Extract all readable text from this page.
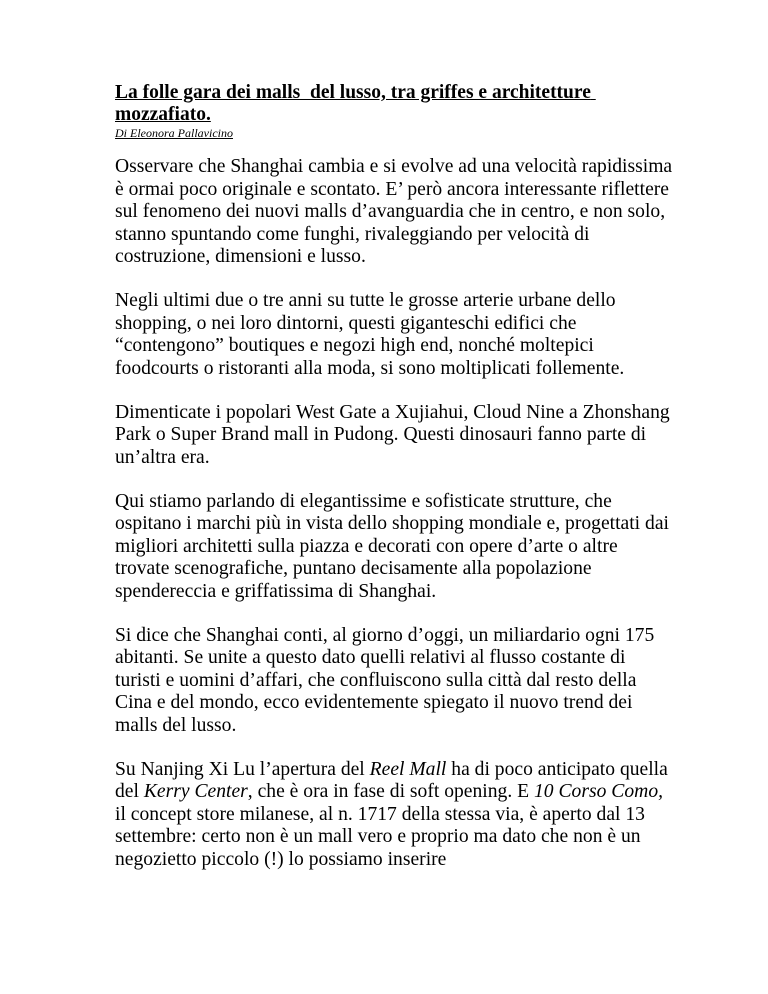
La folle gara dei malls  del lusso, tra griffes e architetture mozzafiato.
Di Eleonora Pallavicino

Osservare che Shanghai cambia e si evolve ad una velocità rapidissima è ormai poco originale e scontato. E’ però ancora interessante riflettere sul fenomeno dei nuovi malls d’avanguardia che in centro, e non solo, stanno spuntando come funghi, rivaleggiando per velocità di costruzione, dimensioni e lusso.

Negli ultimi due o tre anni su tutte le grosse arterie urbane dello shopping, o nei loro dintorni, questi giganteschi edifici che “contengono” boutiques e negozi high end, nonché moltepici foodcourts o ristoranti alla moda, si sono moltiplicati follemente.

Dimenticate i popolari West Gate a Xujiahui, Cloud Nine a Zhonshang Park o Super Brand mall in Pudong. Questi dinosauri fanno parte di un’altra era.

Qui stiamo parlando di elegantissime e sofisticate strutture, che ospitano i marchi più in vista dello shopping mondiale e, progettati dai migliori architetti sulla piazza e decorati con opere d’arte o altre trovate scenografiche, puntano decisamente alla popolazione spendereccia e griffatissima di Shanghai.

Si dice che Shanghai conti, al giorno d’oggi, un miliardario ogni 175 abitanti. Se unite a questo dato quelli relativi al flusso costante di turisti e uomini d’affari, che confluiscono sulla città dal resto della Cina e del mondo, ecco evidentemente spiegato il nuovo trend dei malls del lusso.

Su Nanjing Xi Lu l’apertura del Reel Mall ha di poco anticipato quella del Kerry Center, che è ora in fase di soft opening. E 10 Corso Como, il concept store milanese, al n. 1717 della stessa via, è aperto dal 13 settembre: certo non è un mall vero e proprio ma dato che non è un negozietto piccolo (!) lo possiamo inserire
